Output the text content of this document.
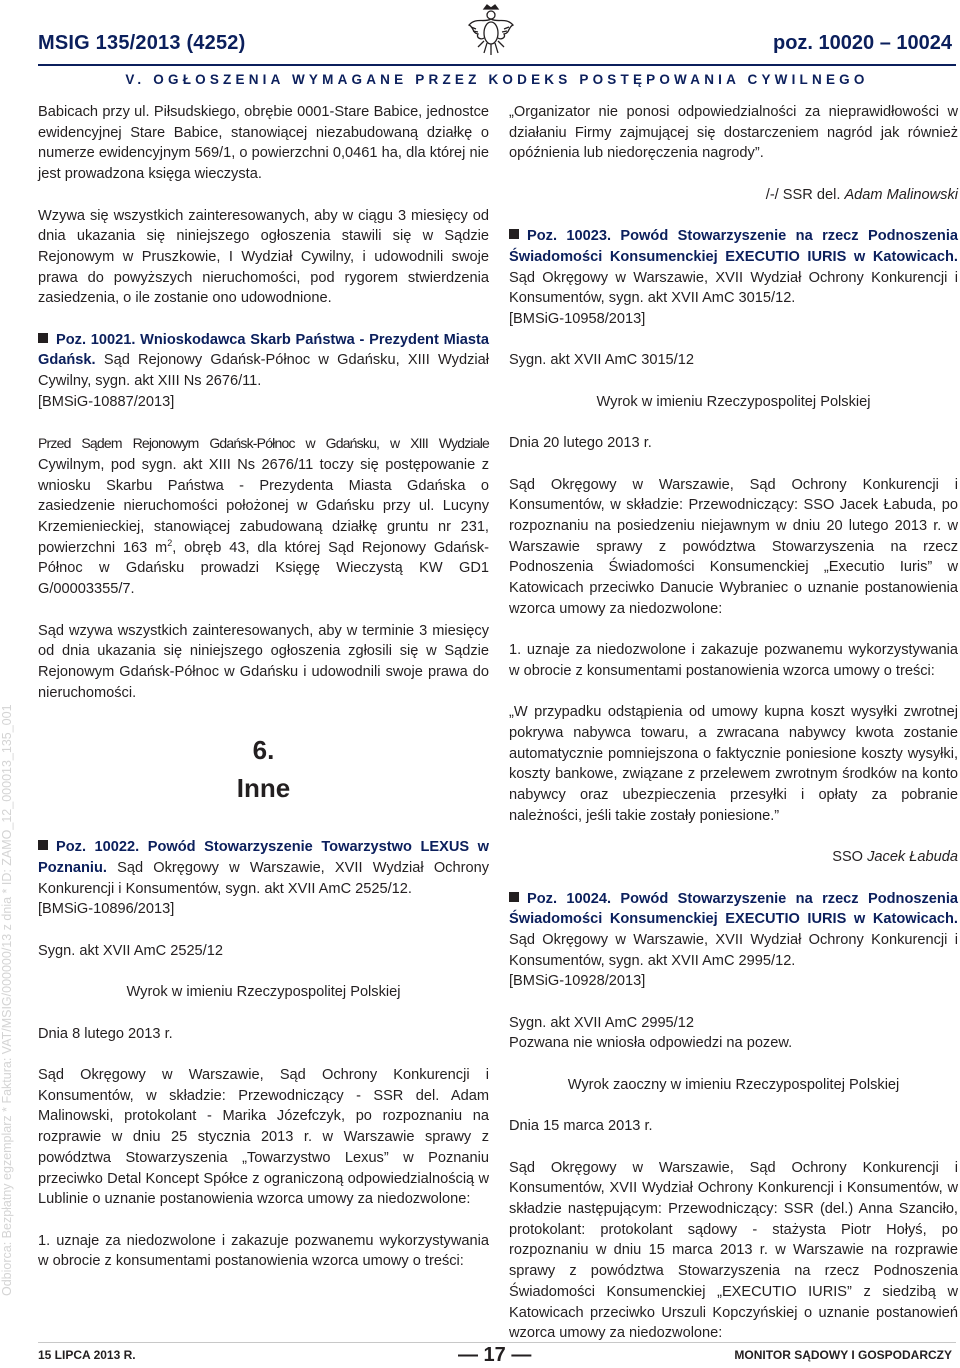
MSIG 135/2013 (4252)	poz. 10020 – 10024
V. OGŁOSZENIA WYMAGANE PRZEZ KODEKS POSTĘPOWANIA CYWILNEGO
Odbiorca: Bezpłatny egzemplarz * Faktura: VAT/MSIG/000000/13 z dnia * ID: ZAMO_12_000013_135_001

Babicach przy ul. Piłsudskiego, obrębie 0001-Stare Babice, jednostce ewidencyjnej Stare Babice, stanowiącej niezabudowaną działkę o numerze ewidencyjnym 569/1, o powierzchni 0,0461 ha, dla której nie jest prowadzona księga wieczysta.

Wzywa się wszystkich zainteresowanych, aby w ciągu 3 miesięcy od dnia ukazania się niniejszego ogłoszenia stawili się w Sądzie Rejonowym w Pruszkowie, I Wydział Cywilny, i udowodnili swoje prawa do powyższych nieruchomości, pod rygorem stwierdzenia zasiedzenia, o ile zostanie ono udowodnione.

Poz. 10021. Wnioskodawca Skarb Państwa - Prezydent Miasta Gdańsk. Sąd Rejonowy Gdańsk-Północ w Gdańsku, XIII Wydział Cywilny, sygn. akt XIII Ns 2676/11.

[BMSiG-10887/2013]

Przed Sądem Rejonowym Gdańsk-Północ w Gdańsku, w XIII Wydziale Cywilnym, pod sygn. akt XIII Ns 2676/11 toczy się postępowanie z wniosku Skarbu Państwa - Prezydenta Miasta Gdańska o zasiedzenie nieruchomości położonej w Gdańsku przy ul. Lucyny Krzemienieckiej, stanowiącej zabudowaną działkę gruntu nr 231, powierzchni 163 $m^2$, obręb 43, dla której Sąd Rejonowy Gdańsk-Północ w Gdańsku prowadzi Księgę Wieczystą KW GD1 G/00003355/7.

Sąd wzywa wszystkich zainteresowanych, aby w terminie 3 miesięcy od dnia ukazania się niniejszego ogłoszenia zgłosili się w Sądzie Rejonowym Gdańsk-Północ w Gdańsku i udowodnili swoje prawa do nieruchomości.

6.
Inne

Poz. 10022. Powód Stowarzyszenie Towarzystwo LEXUS w Poznaniu. Sąd Okręgowy w Warszawie, XVII Wydział Ochrony Konkurencji i Konsumentów, sygn. akt XVII AmC 2525/12.

[BMSiG-10896/2013]

Sygn. akt XVII AmC 2525/12

Wyrok w imieniu Rzeczypospolitej Polskiej

Dnia 8 lutego 2013 r.

Sąd Okręgowy w Warszawie, Sąd Ochrony Konkurencji i Konsumentów, w składzie: Przewodniczący - SSR del. Adam Malinowski, protokolant - Marika Józefczyk, po rozpoznaniu na rozprawie w dniu 25 stycznia 2013 r. w Warszawie sprawy z powództwa Stowarzyszenia „Towarzystwo Lexus” w Poznaniu przeciwko Detal Koncept Spółce z ograniczoną odpowiedzialnością w Lublinie o uznanie postanowienia wzorca umowy za niedozwolone:

1. uznaje za niedozwolone i zakazuje pozwanemu wykorzystywania w obrocie z konsumentami postanowienia wzorca umowy o treści:

„Organizator nie ponosi odpowiedzialności za nieprawidłowości w działaniu Firmy zajmującej się dostarczeniem nagród jak również opóźnienia lub niedoręczenia nagrody”.

/-/ SSR del. Adam Malinowski

Poz. 10023. Powód Stowarzyszenie na rzecz Podnoszenia Świadomości Konsumenckiej EXECUTIO IURIS w Katowicach. Sąd Okręgowy w Warszawie, XVII Wydział Ochrony Konkurencji i Konsumentów, sygn. akt XVII AmC 3015/12.

[BMSiG-10958/2013]

Sygn. akt XVII AmC 3015/12

Wyrok w imieniu Rzeczypospolitej Polskiej

Dnia 20 lutego 2013 r.

Sąd Okręgowy w Warszawie, Sąd Ochrony Konkurencji i Konsumentów, w składzie: Przewodniczący: SSO Jacek Łabuda, po rozpoznaniu na posiedzeniu niejawnym w dniu 20 lutego 2013 r. w Warszawie sprawy z powództwa Stowarzyszenia na rzecz Podnoszenia Świadomości Konsumenckiej „Executio Iuris” w Katowicach przeciwko Danucie Wybraniec o uznanie postanowienia wzorca umowy za niedozwolone:

1. uznaje za niedozwolone i zakazuje pozwanemu wykorzystywania w obrocie z konsumentami postanowienia wzorca umowy o treści:

„W przypadku odstąpienia od umowy kupna koszt wysyłki zwrotnej pokrywa nabywca towaru, a zwracana nabywcy kwota zostanie automatycznie pomniejszona o faktycznie poniesione koszty wysyłki, koszty bankowe, związane z przelewem zwrotnym środków na konto nabywcy oraz ubezpieczenia przesyłki i opłaty za pobranie należności, jeśli takie zostały poniesione.”

SSO Jacek Łabuda

Poz. 10024. Powód Stowarzyszenie na rzecz Podnoszenia Świadomości Konsumenckiej EXECUTIO IURIS w Katowicach. Sąd Okręgowy w Warszawie, XVII Wydział Ochrony Konkurencji i Konsumentów, sygn. akt XVII AmC 2995/12.

[BMSiG-10928/2013]

Sygn. akt XVII AmC 2995/12

Pozwana nie wniosła odpowiedzi na pozew.

Wyrok zaoczny w imieniu Rzeczypospolitej Polskiej

Dnia 15 marca 2013 r.

Sąd Okręgowy w Warszawie, Sąd Ochrony Konkurencji i Konsumentów, XVII Wydział Ochrony Konkurencji i Konsumentów, w składzie następującym: Przewodniczący: SSR (del.) Anna Szanciło, protokolant: protokolant sądowy - stażysta Piotr Hołyś, po rozpoznaniu w dniu 15 marca 2013 r. w Warszawie na rozprawie sprawy z powództwa Stowarzyszenia na rzecz Podnoszenia Świadomości Konsumenckiej „EXECUTIO IURIS” z siedzibą w Katowicach przeciwko Urszuli Kopczyńskiej o uznanie postanowień wzorca umowy za niedozwolone:

15 LIPCA 2013 R.	— 17 —	MONITOR SĄDOWY I GOSPODARCZY
